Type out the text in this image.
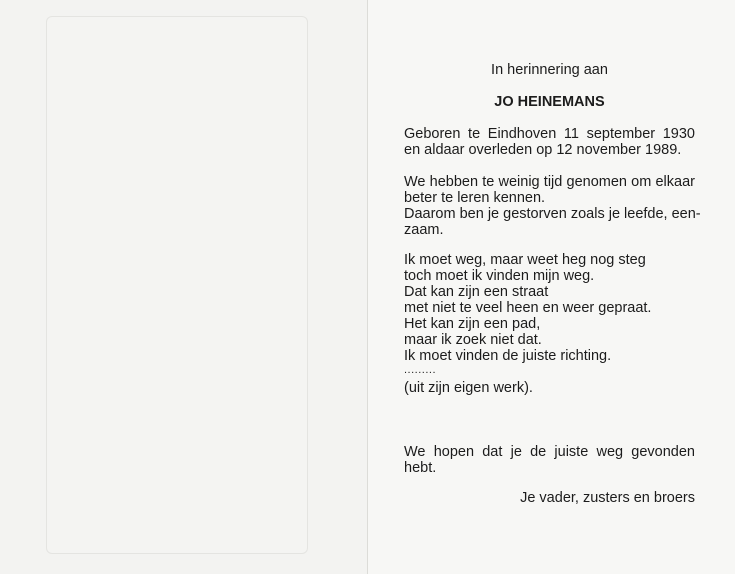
In herinnering aan
JO HEINEMANS
Geboren te Eindhoven 11 september 1930
en aldaar overleden op 12 november 1989.
We hebben te weinig tijd genomen om elkaar
beter te leren kennen.
Daarom ben je gestorven zoals je leefde, een-
zaam.
Ik moet weg, maar weet heg nog steg
toch moet ik vinden mijn weg.
Dat kan zijn een straat
met niet te veel heen en weer gepraat.
Het kan zijn een pad,
maar ik zoek niet dat.
Ik moet vinden de juiste richting.
.........
(uit zijn eigen werk).
We hopen dat je de juiste weg gevonden
hebt.
Je vader, zusters en broers
